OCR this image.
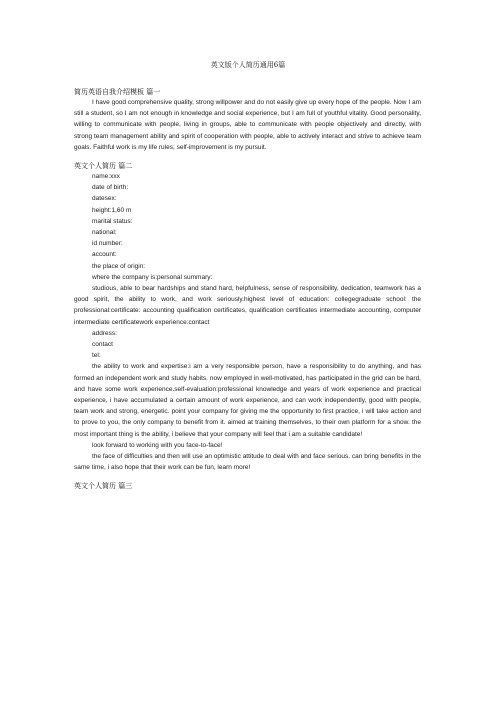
英文版个人简历通用6篇

简历英语自我介绍模板 篇一

I have good comprehensive quality, strong willpower and do not easily give up every hope of the people. Now I am still a student, so I am not enough in knowledge and social experience, but I am full of youthful vitality. Good personality, willing to communicate with people, living in groups, able to communicate with people objectively and directly, with strong team management ability and spirit of cooperation with people, able to actively interact and strive to achieve team goals. Faithful work is my life rules, self-improvement is my pursuit.

英文个人简历 篇二

name:xxx

date of birth:

datesex:

height:1,60 m

marital status:

national:

id number:

account:

the place of origin:

where the company is:personal summary:

studious, able to bear hardships and stand hard, helpfulness, sense of responsibility, dedication, teamwork has a good spirit, the ability to work, and work seriously.highest level of education: collegegraduate school: the professional:certificate: accounting qualification certificates, qualification certificates intermediate accounting, computer intermediate certificatework experience:contact

address:

contact

tel:

the ability to work and expertise:i am a very responsible person, have a responsibility to do anything, and has formed an independent work and study habits. now employed in well-motivated, has participated in the grid can be hard, and have some work experience.self-evaluation:professional knowledge and years of work experience and practical experience, i have accumulated a certain amount of work experience, and can work independently, good with people, team work and strong, energetic. point your company for giving me the opportunity to first practice, i will take action and to prove to you, the only company to benefit from it. aimed at training themselves, to their own platform for a show. the most important thing is the ability, i believe that your company will feel that i am a suitable candidate!

look forward to working with you face-to-face!

the face of difficulties and then will use an optimistic attitude to deal with and face serious. can bring benefits in the same time, i also hope that their work can be fun, learn more!

英文个人简历 篇三
